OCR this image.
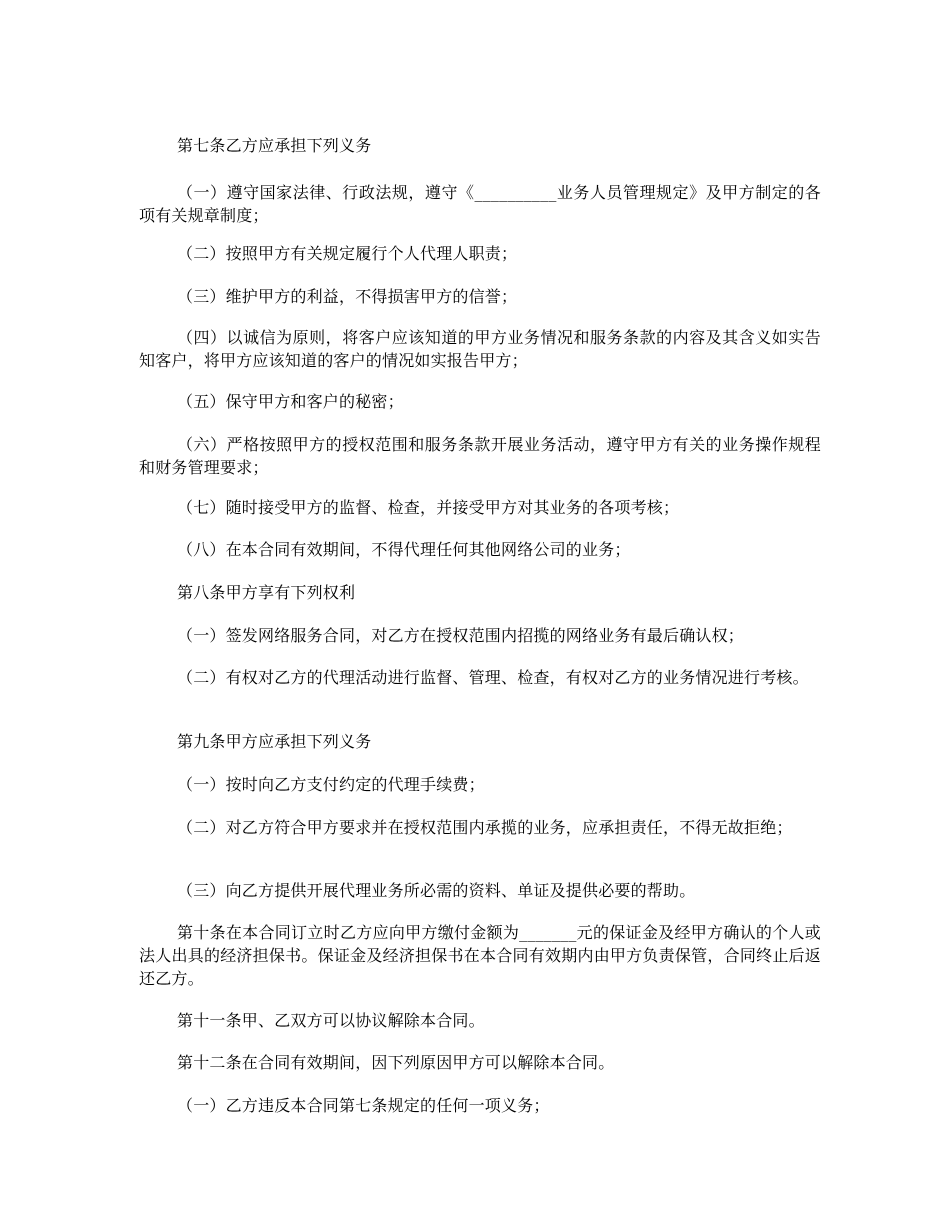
第七条乙方应承担下列义务

（一）遵守国家法律、行政法规，遵守《__________业务人员管理规定》及甲方制定的各项有关规章制度；

（二）按照甲方有关规定履行个人代理人职责；

（三）维护甲方的利益，不得损害甲方的信誉；

（四）以诚信为原则，将客户应该知道的甲方业务情况和服务条款的内容及其含义如实告知客户，将甲方应该知道的客户的情况如实报告甲方；

（五）保守甲方和客户的秘密；

（六）严格按照甲方的授权范围和服务条款开展业务活动，遵守甲方有关的业务操作规程和财务管理要求；

（七）随时接受甲方的监督、检查，并接受甲方对其业务的各项考核；

（八）在本合同有效期间，不得代理任何其他网络公司的业务；

第八条甲方享有下列权利

（一）签发网络服务合同，对乙方在授权范围内招揽的网络业务有最后确认权；

（二）有权对乙方的代理活动进行监督、管理、检查，有权对乙方的业务情况进行考核。

第九条甲方应承担下列义务

（一）按时向乙方支付约定的代理手续费；

（二）对乙方符合甲方要求并在授权范围内承揽的业务，应承担责任，不得无故拒绝；

（三）向乙方提供开展代理业务所必需的资料、单证及提供必要的帮助。

第十条在本合同订立时乙方应向甲方缴付金额为_______元的保证金及经甲方确认的个人或法人出具的经济担保书。保证金及经济担保书在本合同有效期内由甲方负责保管，合同终止后返还乙方。

第十一条甲、乙双方可以协议解除本合同。

第十二条在合同有效期间，因下列原因甲方可以解除本合同。

（一）乙方违反本合同第七条规定的任何一项义务；
